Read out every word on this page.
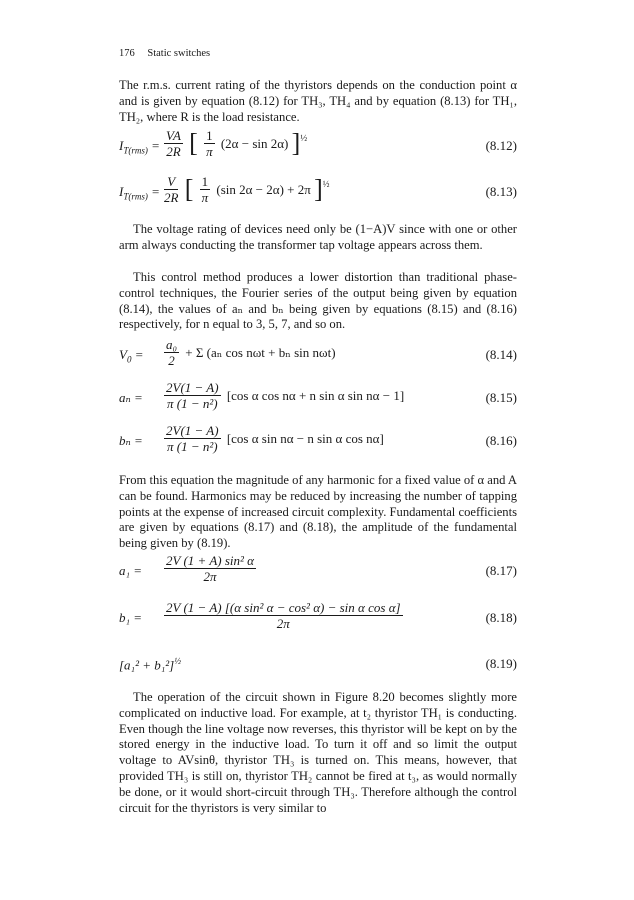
176 Static switches

The r.m.s. current rating of the thyristors depends on the conduction point α and is given by equation (8.12) for TH₃, TH₄ and by equation (8.13) for TH₁, TH₂, where R is the load resistance.

$I_{T(rms)} = \frac{VA}{2R}$ [ $\frac{1}{\pi} (2\alpha - \sin 2\alpha)$ ]$^{\frac{1}{2}}$	(8.12)
$I_{T(rms)} = \frac{V}{2R}$ [ $\frac{1}{\pi} (\sin$ 2α − 2α) + 2π ]$^{\frac{1}{2}}$	(8.13)

The voltage rating of devices need only be (1−A)V since with one or other arm always conducting the transformer tap voltage appears across them.

This control method produces a lower distortion than traditional phase-control techniques, the Fourier series of the output being given by equation (8.14), the values of aₙ and bₙ being given by equations (8.15) and (8.16) respectively, for n equal to 3, 5, 7, and so on.

$V_0 = \frac{\text{a₀}}{2} + \Sigma$ (aₙ cos nωt + bₙ sin nωt)	(8.14)
$a_n = \frac{2V(1 - A)}{\text{π (1 − n²)}} [\cos$ α cos nα + n sin α sin nα − 1]	(8.15)
$b_n = \frac{2V(1 - A)}{\text{π (1 − n²)}} [\cos$ α sin nα − n sin α cos nα]	(8.16)

From this equation the magnitude of any harmonic for a fixed value of α and A can be found. Harmonics may be reduced by increasing the number of tapping points at the expense of increased circuit complexity. Fundamental coefficients are given by equations (8.17) and (8.18), the amplitude of the fundamental being given by (8.19).

$a_1 = \frac{\text{2V (1 + A) sin² α}}{2\pi}$	(8.17)
$b_1 = \frac{\text{2V (1 − A) [(α sin² α − cos² α) − sin α cos α]}}{2\pi}$	(8.18)
$[a_1^2 + b_1^2]^{\frac{1}{2}}$	(8.19)

The operation of the circuit shown in Figure 8.20 becomes slightly more complicated on inductive load. For example, at t₂ thyristor TH₁ is conducting. Even though the line voltage now reverses, this thyristor will be kept on by the stored energy in the inductive load. To turn it off and so limit the output voltage to AVsinθ, thyristor TH₃ is turned on. This means, however, that provided TH₃ is still on, thyristor TH₂ cannot be fired at t₃, as would normally be done, or it would short-circuit through TH₃. Therefore although the control circuit for the thyristors is very similar to
